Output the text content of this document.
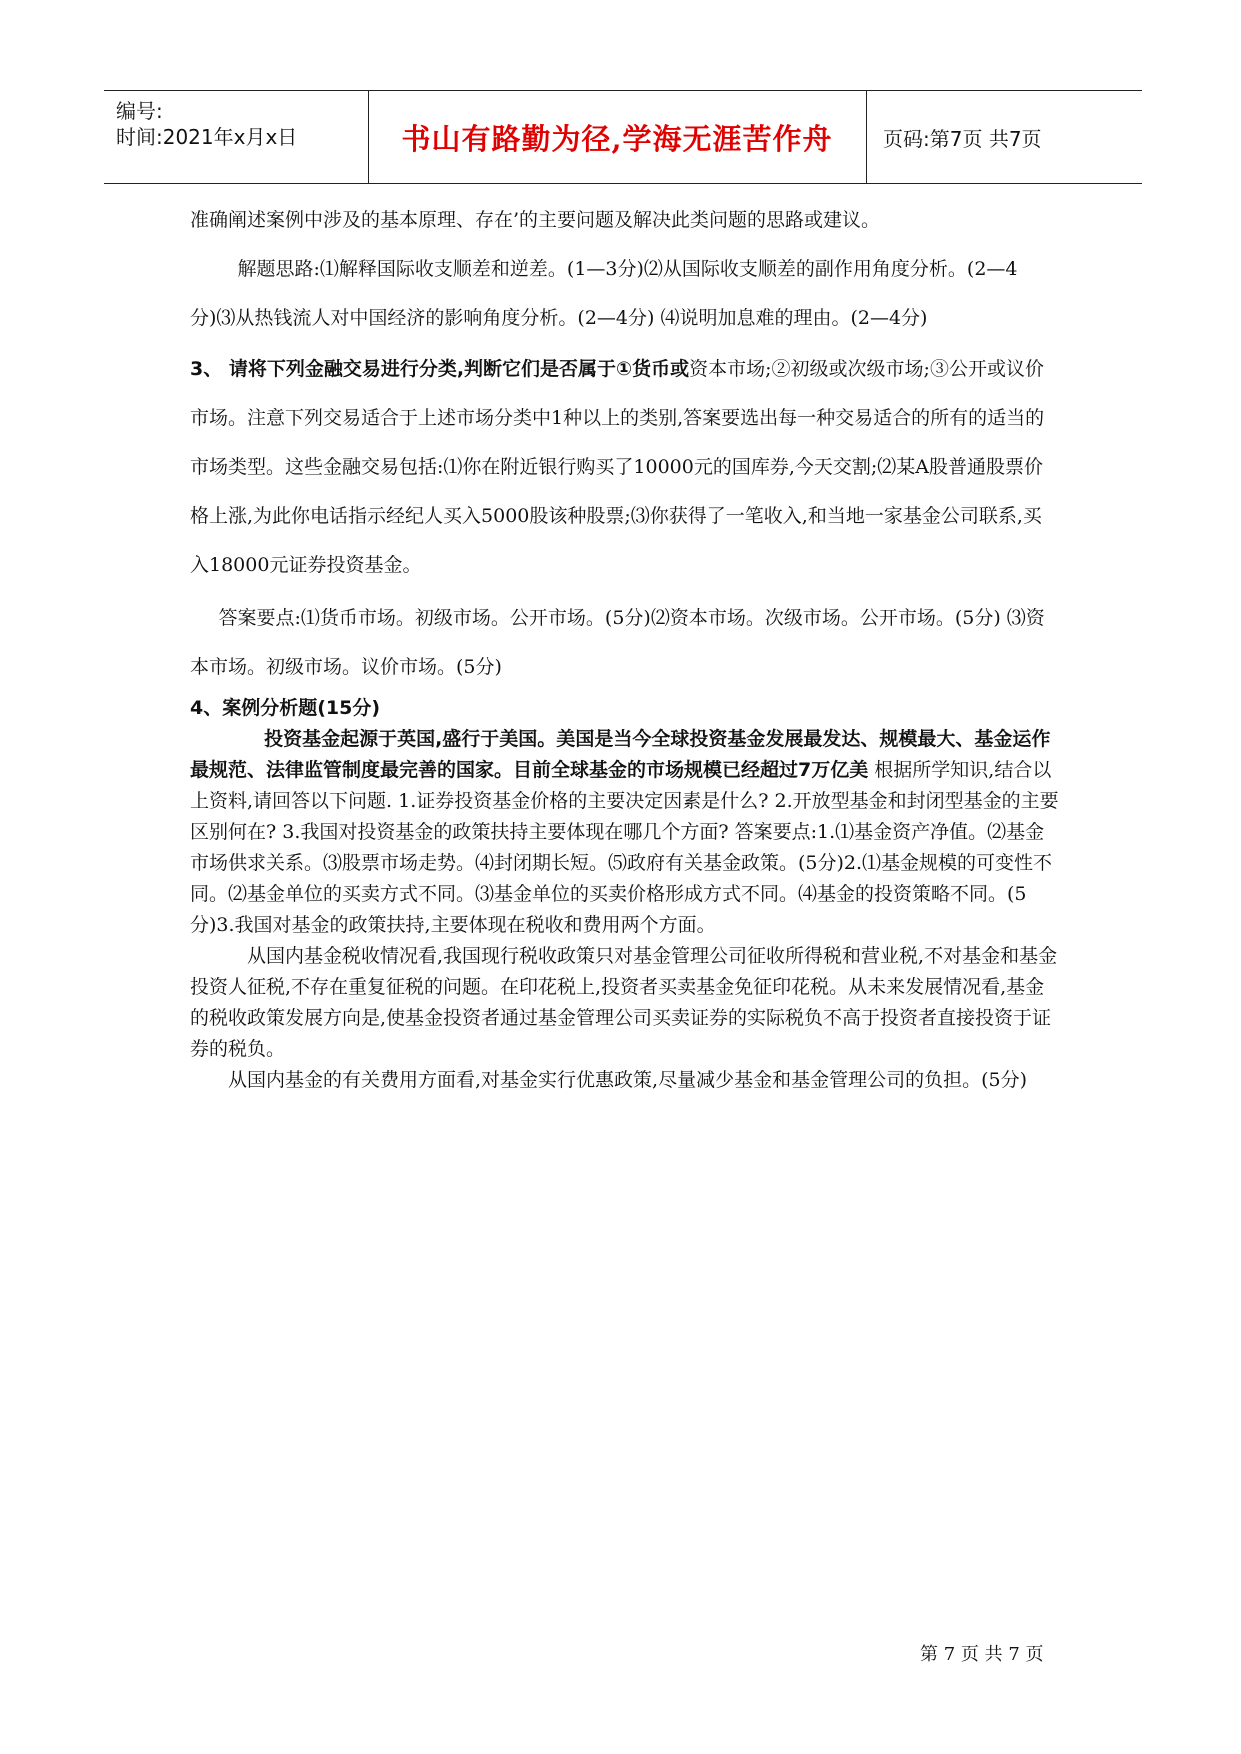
编号:
时间:2021年x月x日	书山有路勤为径,学海无涯苦作舟	页码:第7页 共7页

准确阐述案例中涉及的基本原理、存在’的主要问题及解决此类问题的思路或建议。

解题思路:⑴解释国际收支顺差和逆差。(1—3分)⑵从国际收支顺差的副作用角度分析。(2—4分)⑶从热钱流人对中国经济的影响角度分析。(2—4分) ⑷说明加息难的理由。(2—4分)

3、 请将下列金融交易进行分类,判断它们是否属于①货币或资本市场;②初级或次级市场;③公开或议价市场。注意下列交易适合于上述市场分类中1种以上的类别,答案要选出每一种交易适合的所有的适当的市场类型。这些金融交易包括:⑴你在附近银行购买了10000元的国库券,今天交割;⑵某A股普通股票价格上涨,为此你电话指示经纪人买入5000股该种股票;⑶你获得了一笔收入,和当地一家基金公司联系,买入18000元证券投资基金。

答案要点:⑴货币市场。初级市场。公开市场。(5分)⑵资本市场。次级市场。公开市场。(5分) ⑶资本市场。初级市场。议价市场。(5分)

4、案例分析题(15分)

投资基金起源于英国,盛行于美国。美国是当今全球投资基金发展最发达、规模最大、基金运作最规范、法律监管制度最完善的国家。目前全球基金的市场规模已经超过7万亿美 根据所学知识,结合以上资料,请回答以下问题. 1.证券投资基金价格的主要决定因素是什么? 2.开放型基金和封闭型基金的主要区别何在? 3.我国对投资基金的政策扶持主要体现在哪几个方面? 答案要点:1.⑴基金资产净值。⑵基金市场供求关系。⑶股票市场走势。⑷封闭期长短。⑸政府有关基金政策。(5分)2.⑴基金规模的可变性不同。⑵基金单位的买卖方式不同。⑶基金单位的买卖价格形成方式不同。⑷基金的投资策略不同。(5分)3.我国对基金的政策扶持,主要体现在税收和费用两个方面。

从国内基金税收情况看,我国现行税收政策只对基金管理公司征收所得税和营业税,不对基金和基金投资人征税,不存在重复征税的问题。在印花税上,投资者买卖基金免征印花税。从未来发展情况看,基金的税收政策发展方向是,使基金投资者通过基金管理公司买卖证券的实际税负不高于投资者直接投资于证券的税负。

从国内基金的有关费用方面看,对基金实行优惠政策,尽量减少基金和基金管理公司的负担。(5分)

第 7 页 共 7 页
